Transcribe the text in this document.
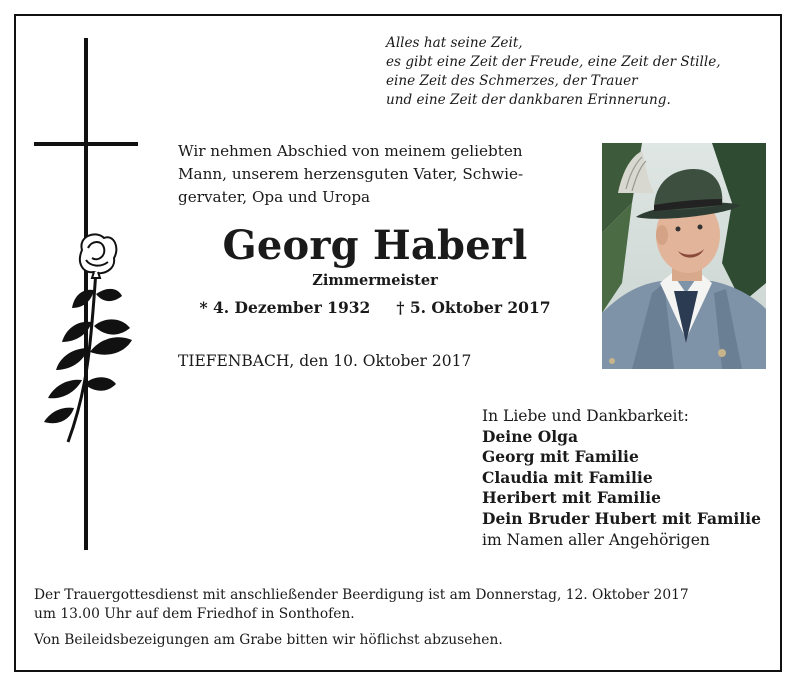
Alles hat seine Zeit,
es gibt eine Zeit der Freude, eine Zeit der Stille,
eine Zeit des Schmerzes, der Trauer
und eine Zeit der dankbaren Erinnerung.
Wir nehmen Abschied von meinem geliebten
Mann, unserem herzensguten Vater, Schwie-
gervater, Opa und Uropa
Georg Haberl
Zimmermeister
* 4. Dezember 1932 † 5. Oktober 2017
TIEFENBACH, den 10. Oktober 2017
In Liebe und Dankbarkeit:
Deine Olga
Georg mit Familie
Claudia mit Familie
Heribert mit Familie
Dein Bruder Hubert mit Familie
im Namen aller Angehörigen
Der Trauergottesdienst mit anschließender Beerdigung ist am Donnerstag, 12. Oktober 2017
um 13.00 Uhr auf dem Friedhof in Sonthofen.
Von Beileidsbezeigungen am Grabe bitten wir höflichst abzusehen.
